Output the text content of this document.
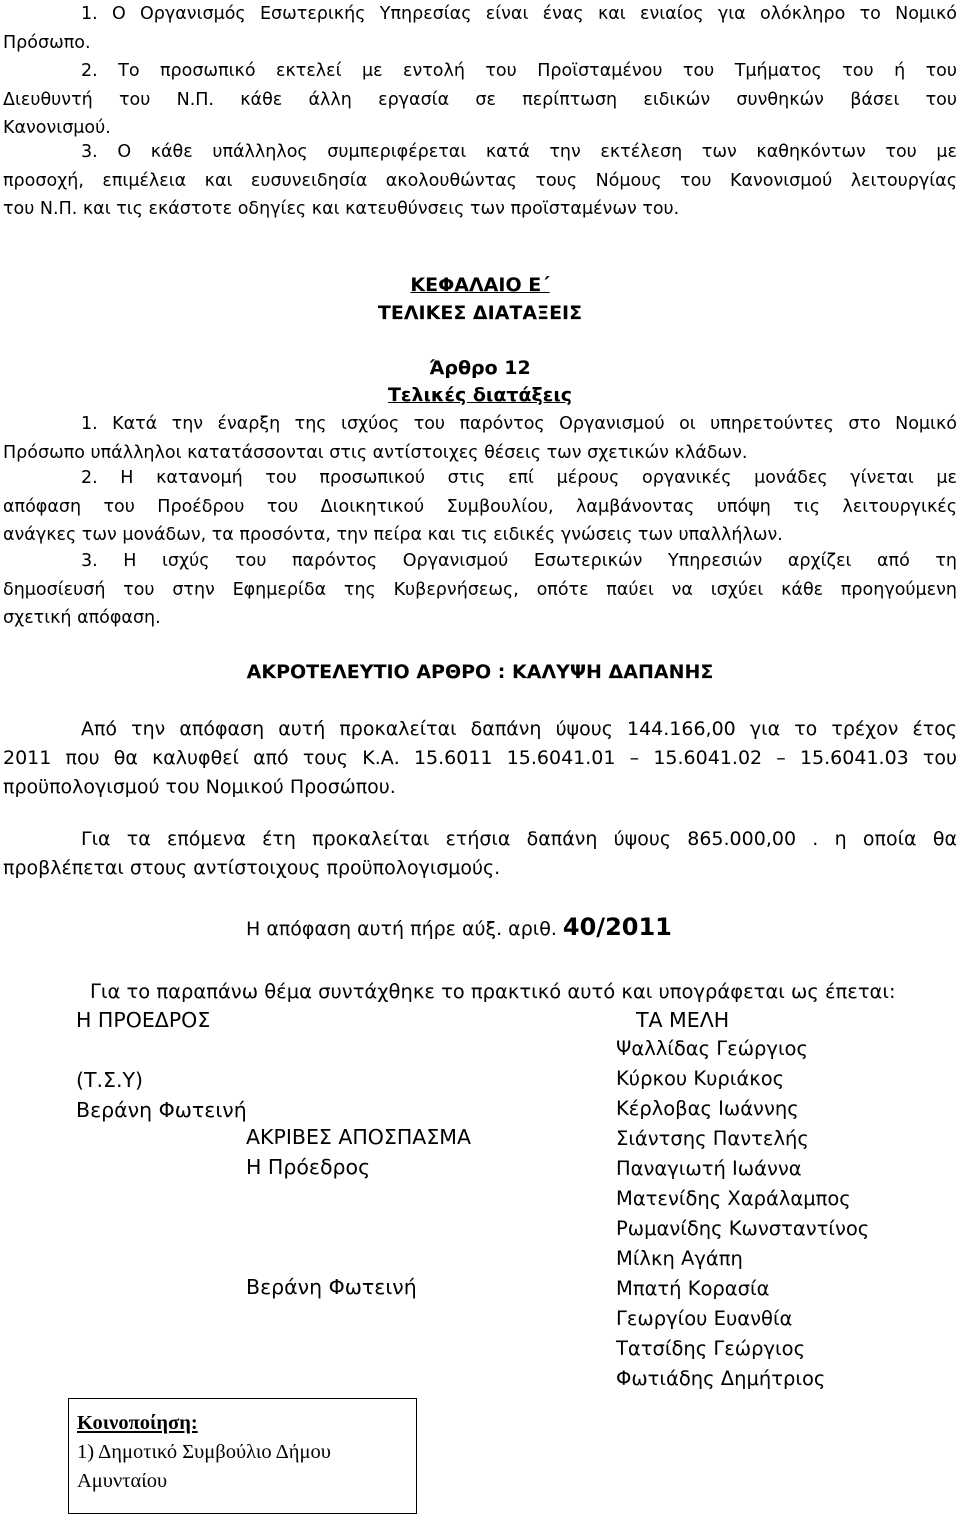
1. Ο Οργανισμός Εσωτερικής Υπηρεσίας είναι ένας και ενιαίος για ολόκληρο το Νομικό
Πρόσωπο.
2. Το προσωπικό εκτελεί με εντολή του Προϊσταμένου του Τμήματος του ή του
Διευθυντή του Ν.Π. κάθε άλλη εργασία σε περίπτωση ειδικών συνθηκών βάσει του
Κανονισμού.
3. Ο κάθε υπάλληλος συμπεριφέρεται κατά την εκτέλεση των καθηκόντων του με
προσοχή, επιμέλεια και ευσυνειδησία ακολουθώντας τους Νόμους του Κανονισμού λειτουργίας
του Ν.Π. και τις εκάστοτε οδηγίες και κατευθύνσεις των προϊσταμένων του.
ΚΕΦΑΛΑΙΟ Ε΄
ΤΕΛΙΚΕΣ ΔΙΑΤΑΞΕΙΣ
Άρθρο 12
Τελικές διατάξεις
1. Κατά την έναρξη της ισχύος του παρόντος Οργανισμού οι υπηρετούντες στο Νομικό
Πρόσωπο υπάλληλοι κατατάσσονται στις αντίστοιχες θέσεις των σχετικών κλάδων.
2. Η κατανομή του προσωπικού στις επί μέρους οργανικές μονάδες γίνεται με
απόφαση του Προέδρου του Διοικητικού Συμβουλίου, λαμβάνοντας υπόψη τις λειτουργικές
ανάγκες των μονάδων, τα προσόντα, την πείρα και τις ειδικές γνώσεις των υπαλλήλων.
3. Η ισχύς του παρόντος Οργανισμού Εσωτερικών Υπηρεσιών αρχίζει από τη
δημοσίευσή του στην Εφημερίδα της Κυβερνήσεως, οπότε παύει να ισχύει κάθε προηγούμενη
σχετική απόφαση.
ΑΚΡΟΤΕΛΕΥΤΙΟ ΑΡΘΡΟ : ΚΑΛΥΨΗ ΔΑΠΑΝΗΣ
Από την απόφαση αυτή προκαλείται δαπάνη ύψους 144.166,00 για το τρέχον έτος
2011 που θα καλυφθεί από τους Κ.Α. 15.6011 15.6041.01 – 15.6041.02 – 15.6041.03 του
προϋπολογισμού του Νομικού Προσώπου.
Για τα επόμενα έτη προκαλείται ετήσια δαπάνη ύψους 865.000,00 . η οποία θα
προβλέπεται στους αντίστοιχους προϋπολογισμούς.
Η απόφαση αυτή πήρε αύξ. αριθ. 40/2011
Για το παραπάνω θέμα συντάχθηκε το πρακτικό αυτό και υπογράφεται ως έπεται:
Η ΠΡΟΕΔΡΟΣ	ΤΑ ΜΕΛΗ
(Τ.Σ.Υ)
Βεράνη Φωτεινή
ΑΚΡΙΒΕΣ ΑΠΟΣΠΑΣΜΑ
Η Πρόεδρος
Βεράνη Φωτεινή
Ψαλλίδας Γεώργιος
Κύρκου Κυριάκος
Κέρλοβας Ιωάννης
Σιάντσης Παντελής
Παναγιωτή Ιωάννα
Ματενίδης Χαράλαμπος
Ρωμανίδης Κωνσταντίνος
Μίλκη Αγάπη
Μπατή Κορασία
Γεωργίου Ευανθία
Τατσίδης Γεώργιος
Φωτιάδης Δημήτριος
Κοινοποίηση:
1) Δημοτικό Συμβούλιο Δήμου
Αμυνταίου
